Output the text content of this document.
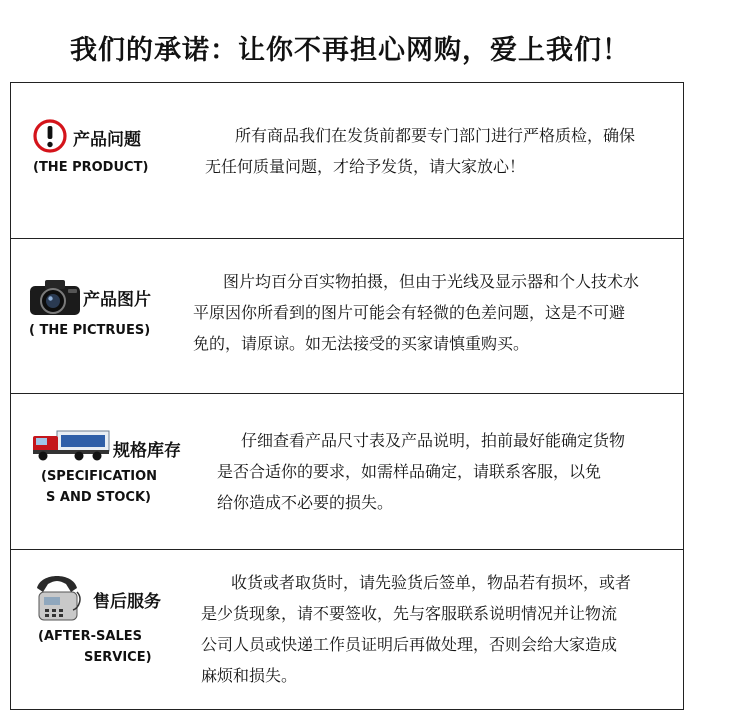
我们的承诺：让你不再担心网购，爱上我们！
产品问题
(THE PRODUCT)
所有商品我们在发货前都要专门部门进行严格质检，确保
无任何质量问题，才给予发货，请大家放心！
产品图片
( THE PICTRUES)
图片均百分百实物拍摄，但由于光线及显示器和个人技术水
平原因你所看到的图片可能会有轻微的色差问题，这是不可避
免的，请原谅。如无法接受的买家请慎重购买。
规格库存
(SPECIFICATION
S AND STOCK)
仔细查看产品尺寸表及产品说明，拍前最好能确定货物
是否合适你的要求，如需样品确定，请联系客服，以免
给你造成不必要的损失。
售后服务
(AFTER-SALES
SERVICE)
收货或者取货时，请先验货后签单，物品若有损坏，或者
是少货现象，请不要签收，先与客服联系说明情况并让物流
公司人员或快递工作员证明后再做处理，否则会给大家造成
麻烦和损失。
